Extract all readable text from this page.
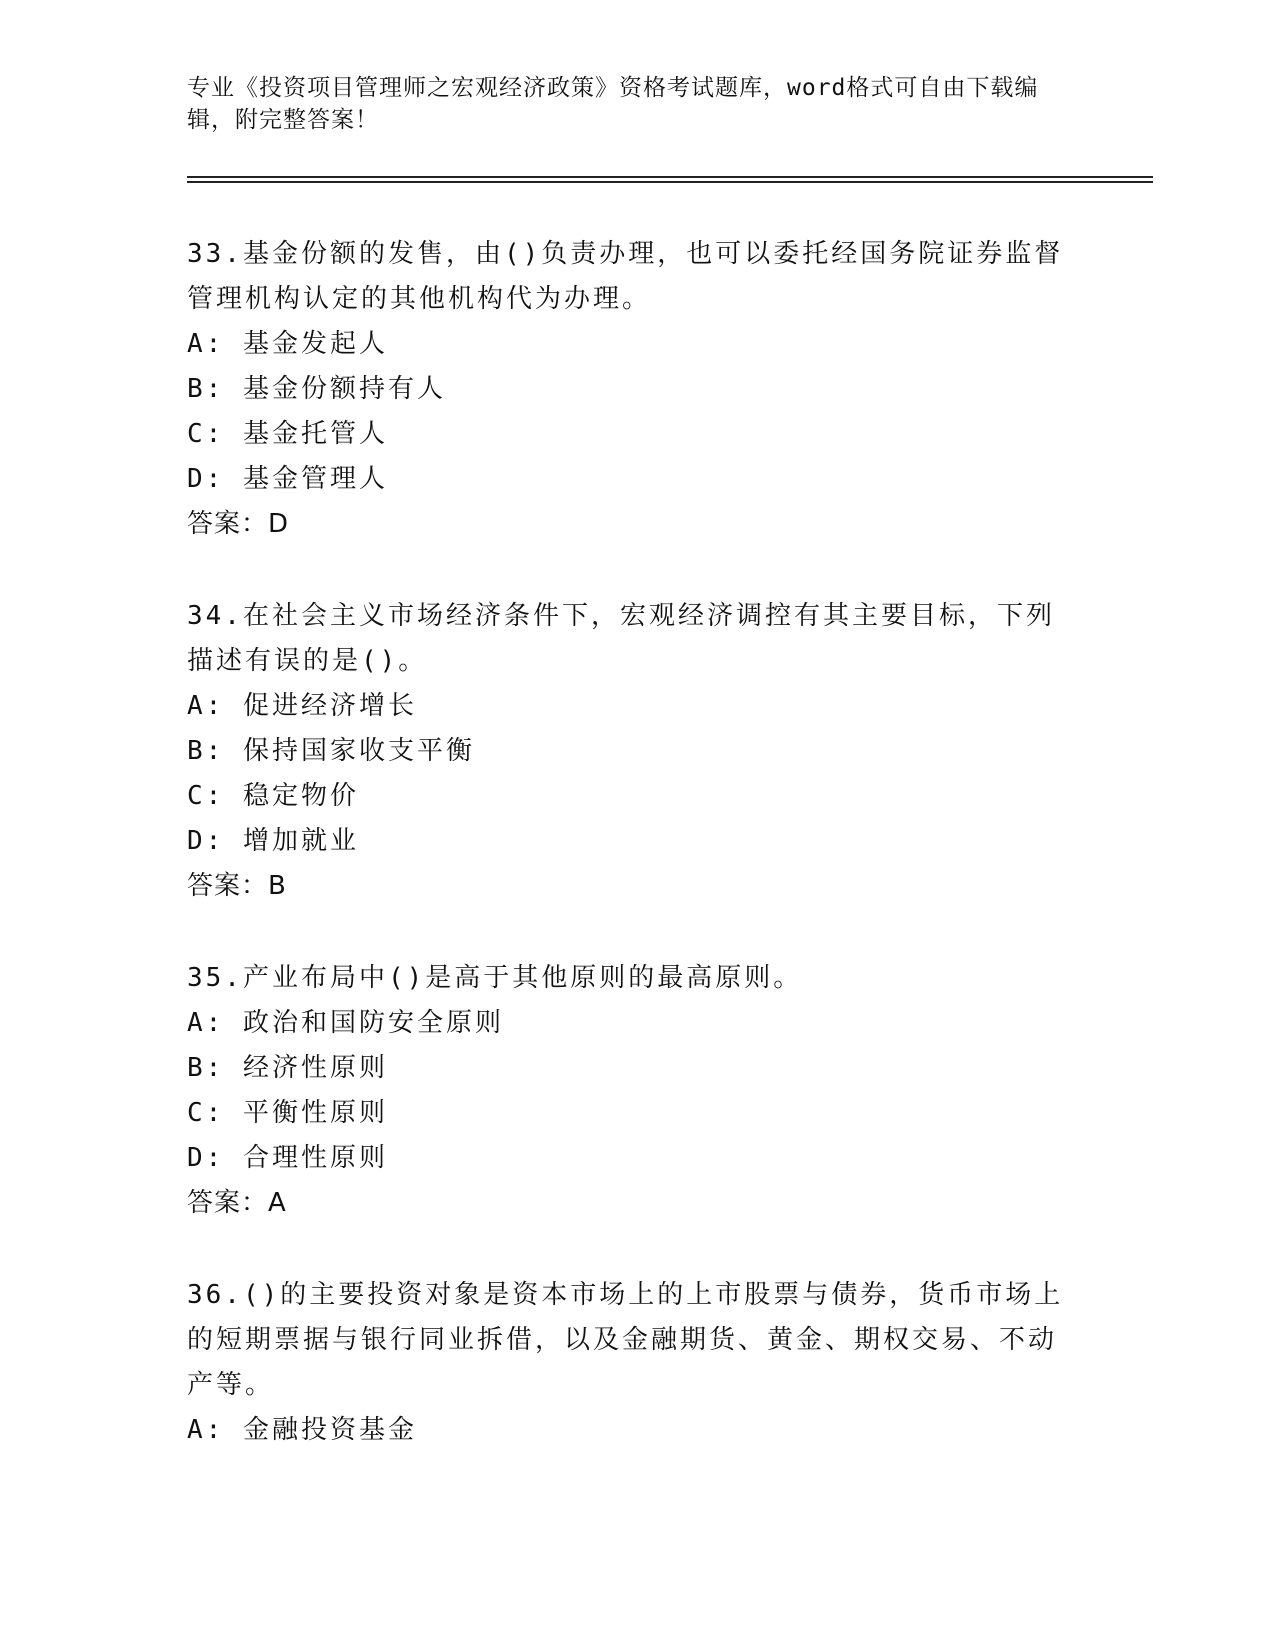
专业《投资项目管理师之宏观经济政策》资格考试题库，word格式可自由下载编辑，附完整答案！
33.基金份额的发售，由()负责办理，也可以委托经国务院证券监督管理机构认定的其他机构代为办理。
A: 基金发起人
B: 基金份额持有人
C: 基金托管人
D: 基金管理人
答案：D
34.在社会主义市场经济条件下，宏观经济调控有其主要目标，下列描述有误的是()。
A: 促进经济增长
B: 保持国家收支平衡
C: 稳定物价
D: 增加就业
答案：B
35.产业布局中()是高于其他原则的最高原则。
A: 政治和国防安全原则
B: 经济性原则
C: 平衡性原则
D: 合理性原则
答案：A
36.()的主要投资对象是资本市场上的上市股票与债券，货币市场上的短期票据与银行同业拆借，以及金融期货、黄金、期权交易、不动产等。
A: 金融投资基金
